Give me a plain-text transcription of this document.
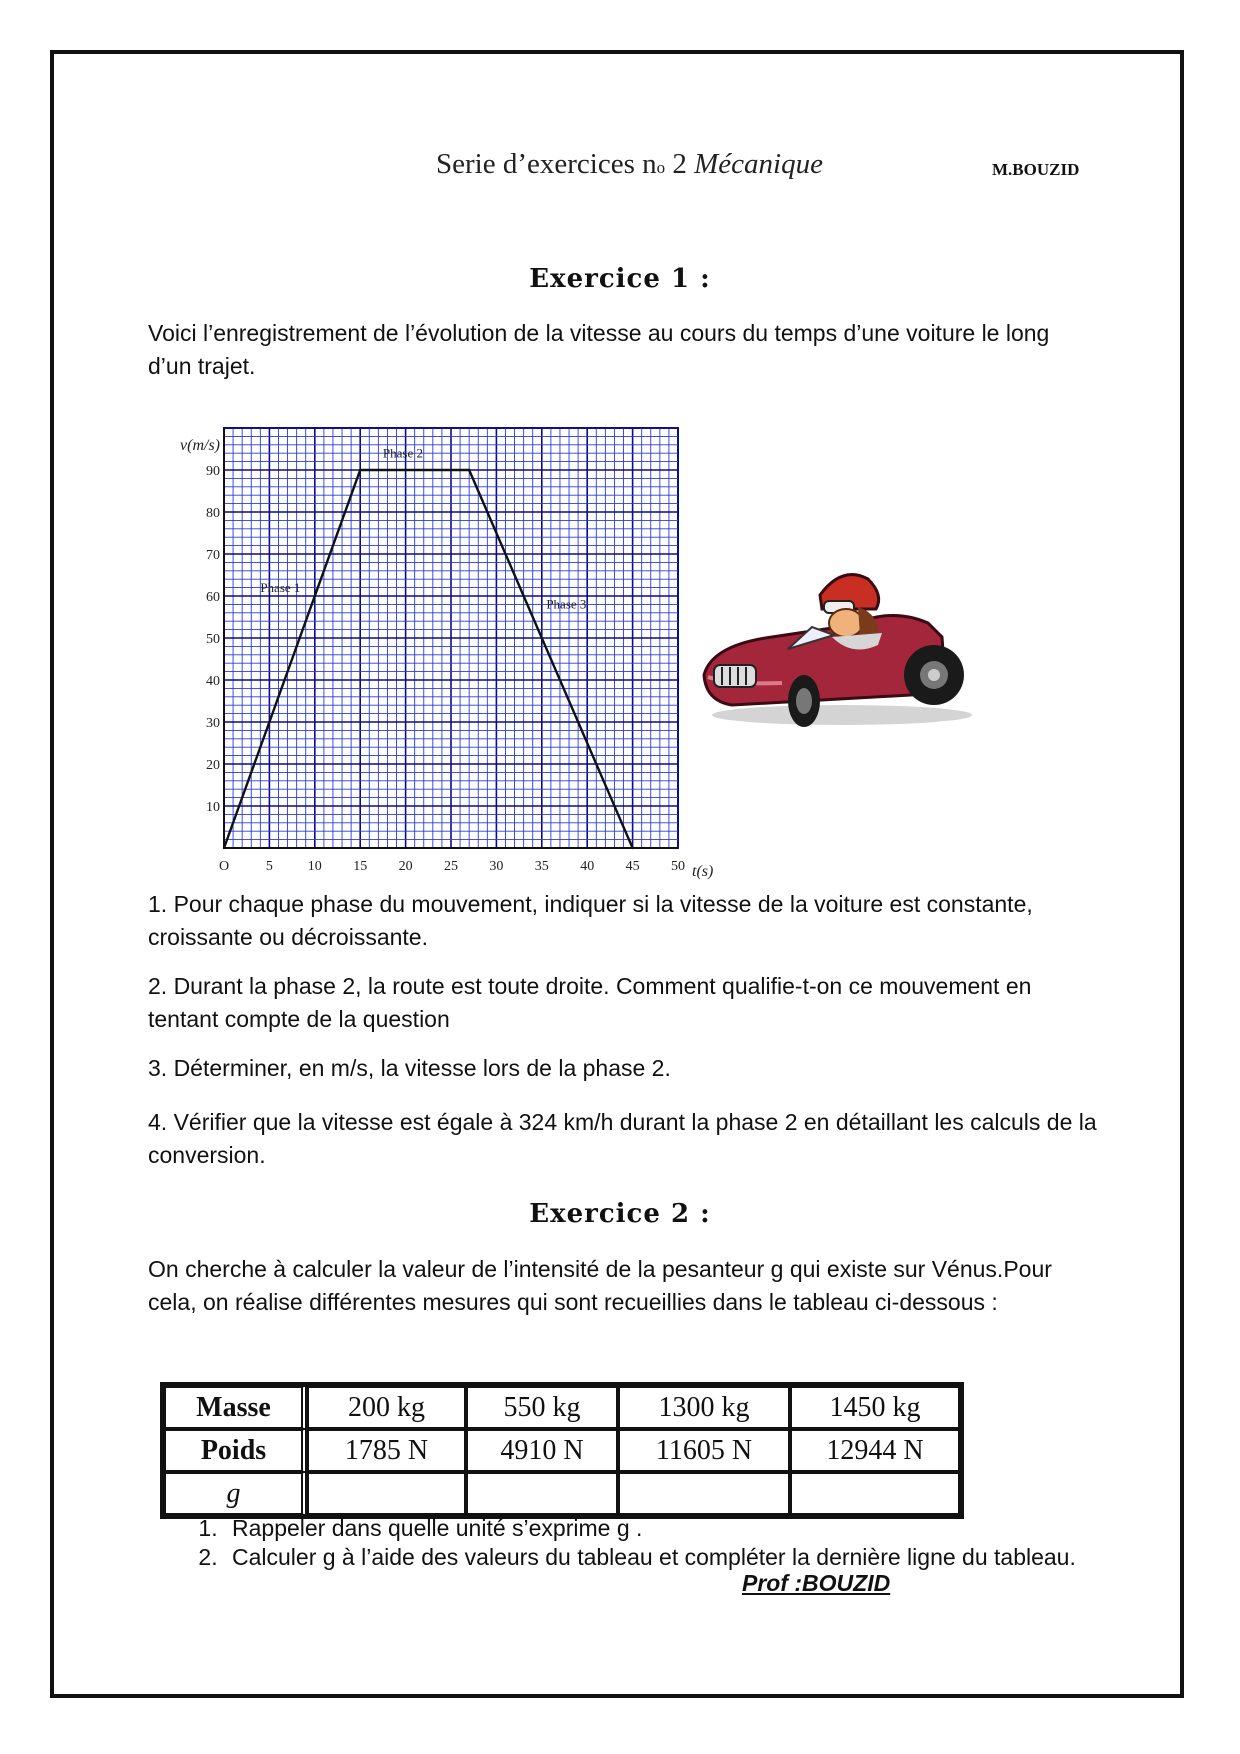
Serie d’exercices no 2 Mécanique	M.BOUZID
Exercice 1 :

Voici l’enregistrement de l’évolution de la vitesse au cours du temps d’une voiture le long d’un trajet.

O	5 10 15 20 25 30 35 40 45 50
10
20
30
40
50
60
70
80
90
v(m/s)
t(s)
Phase 1
Phase 2
Phase 3

1. Pour chaque phase du mouvement, indiquer si la vitesse de la voiture est constante, croissante ou décroissante.

2. Durant la phase 2, la route est toute droite. Comment qualifie-t-on ce mouvement en tentant compte de la question

3. Déterminer, en m/s, la vitesse lors de la phase 2.

4. Vérifier que la vitesse est égale à 324 km/h durant la phase 2 en détaillant les calculs de la conversion.

Exercice 2 :

On cherche à calculer la valeur de l’intensité de la pesanteur g qui existe sur Vénus.Pour cela, on réalise différentes mesures qui sont recueillies dans le tableau ci-dessous :

Masse	200 kg	550 kg	1300 kg	1450 kg
Poids	1785 N	4910 N	11605 N	12944 N
g				
1. Rappeler dans quelle unité s’exprime g .
2. Calculer g à l’aide des valeurs du tableau et compléter la dernière ligne du tableau.
Prof :BOUZID
